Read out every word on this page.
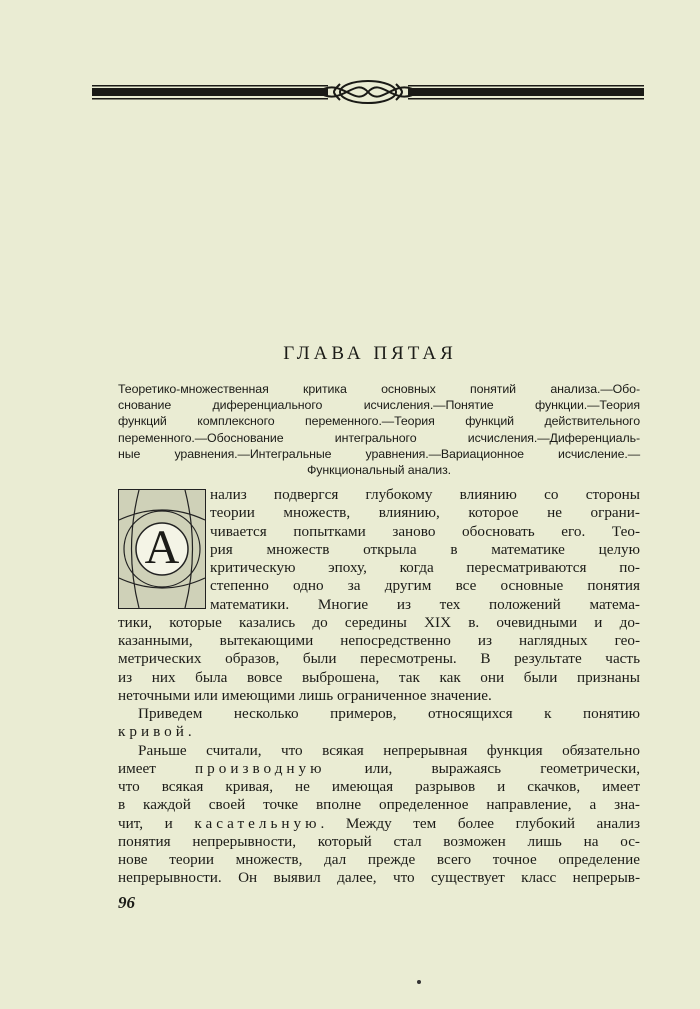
ГЛАВА ПЯТАЯ
Теоретико-множественная критика основных понятий анализа.—Обо-
снование диференциального исчисления.—Понятие функции.—Теория
функций комплексного переменного.—Теория функций действительного
переменного.—Обоснование интегрального исчисления.—Диференциаль-
ные уравнения.—Интегральные уравнения.—Вариационное исчисление.—
Функциональный анализ.
А
нализ подвергся глубокому влиянию со стороны
теории множеств, влиянию, которое не ограни-
чивается попытками заново обосновать его. Тео-
рия множеств открыла в математике целую
критическую эпоху, когда пересматриваются по-
степенно одно за другим все основные понятия
математики. Многие из тех положений матема-
тики, которые казались до середины XIX в. очевидными и до-
казанными, вытекающими непосредственно из наглядных гео-
метрических образов, были пересмотрены. В результате часть
из них была вовсе выброшена, так как они были признаны
неточными или имеющими лишь ограниченное значение.
Приведем несколько примеров, относящихся к понятию
кривой.
Раньше считали, что всякая непрерывная функция обязательно
имеет производную или, выражаясь геометрически,
что всякая кривая, не имеющая разрывов и скачков, имеет
в каждой своей точке вполне определенное направление, а зна-
чит, и касательную. Между тем более глубокий анализ
понятия непрерывности, который стал возможен лишь на ос-
нове теории множеств, дал прежде всего точное определение
непрерывности. Он выявил далее, что существует класс непрерыв-
96
